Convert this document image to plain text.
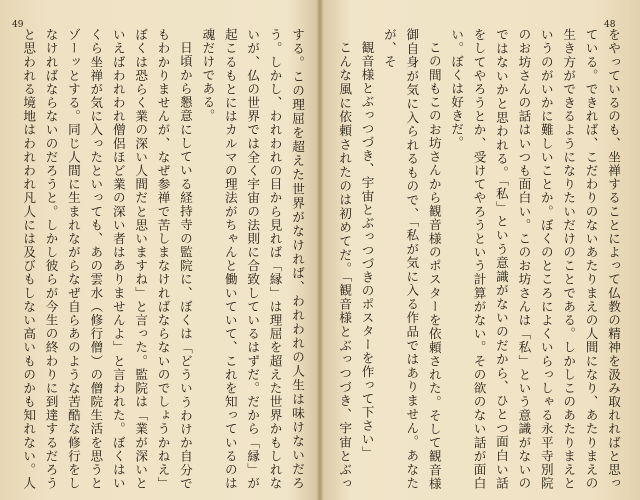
49	48

をやっているのも、坐禅することによって仏教の精神を汲み取れればと思っている。できれば、こだわりのないあたりまえの人間になり、あたりまえの生き方ができるようになりたいだけのことである。しかしこのあたりまえというのがいかに難しいことか。ぼくのところによくいらっしゃる永平寺別院のお坊さんの話はいつも面白い。このお坊さんは「私」という意識がないのではないかと思われる。「私」という意識がないのだから、ひとつ面白い話をしてやろうとか、受けてやろうという計算がない。その欲のない話が面白い。ぼくは好きだ。

この間もこのお坊さんから観音様のポスターを依頼された。そして観音様御自身が気に入られるもので、「私が気に入る作品ではありません。あなたが、そ

観音様とぶっつづき、宇宙とぶっつづきのポスターを作って下さい」

こんな風に依頼されたのは初めてだ。「観音様とぶっつづき、宇宙とぶっ

する。この理屈を超えた世界がなければ、われわれの人生は味けないだろう。しかし、われわれの目から見れば「縁」は理屈を超えた世界かもしれないが、仏の世界では全く宇宙の法則に合致しているはずだ。だから「縁」が起こるもとにはカルマの理法がちゃんと働いていて、これを知っているのは魂だけである。

日頃から懇意にしている経持寺の監院に、ぼくは「どういうわけか自分でもわかりませんが、なぜ参禅で苦しまなければならないのでしょうかねえ」ぼくは恐らく業の深い人間だと思いますね」と言った。監院は「業が深いといえばわれわれ僧侶ほど業の深い者はありませんよ」と言われた。ぼくはいくら坐禅が気に入ったといっても、あの雲水（修行僧）の僧院生活を思うとゾーッとする。同じ人間に生まれながらなぜ自らあのような苦酷な修行をしなければならないのだろうと。しかし彼らが今生の終わりに到達するだろうと思われる境地はわれわれ凡人には及びもしない高いものかも知れない。人
